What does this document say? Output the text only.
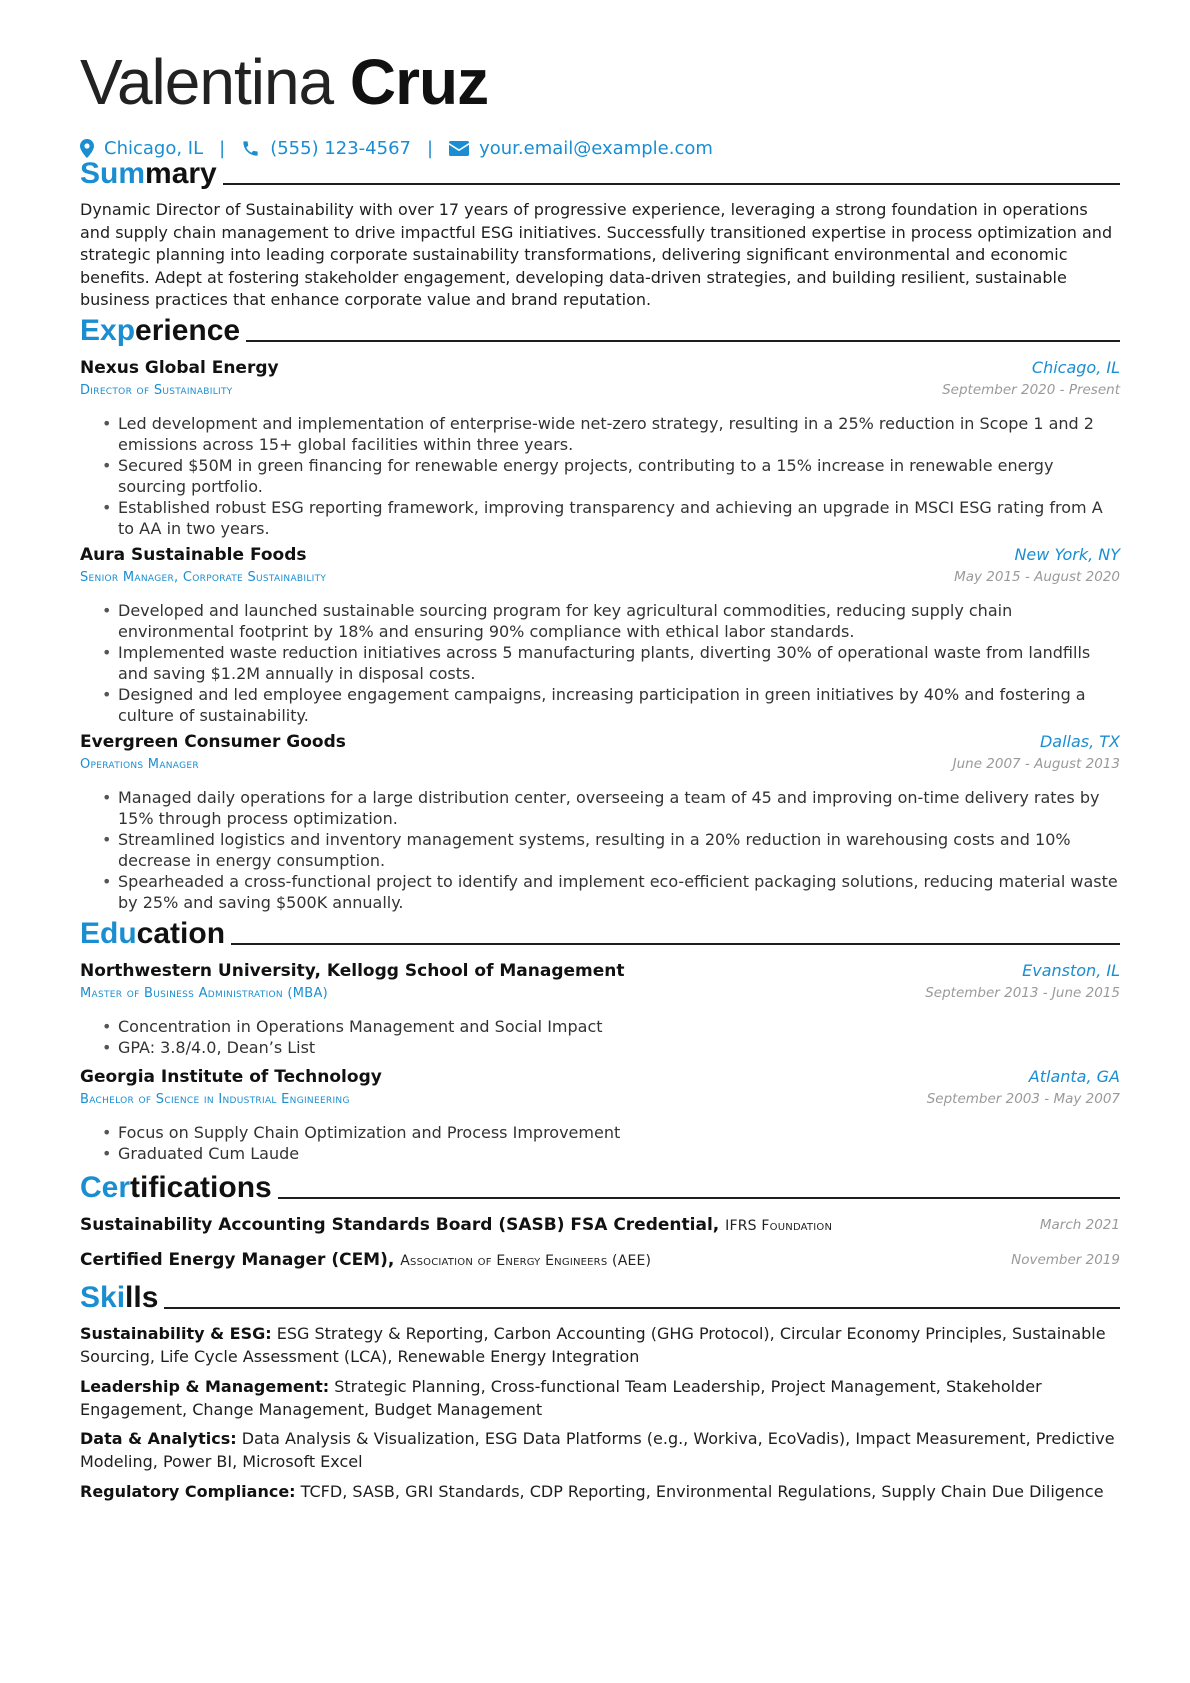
Valentina Cruz
Chicago, IL |	(555) 123-4567 |	your.email@example.com
Summary

Dynamic Director of Sustainability with over 17 years of progressive experience, leveraging a strong foundation in operations and supply chain management to drive impactful ESG initiatives. Successfully transitioned expertise in process optimization and strategic planning into leading corporate sustainability transformations, delivering significant environmental and economic benefits. Adept at fostering stakeholder engagement, developing data-driven strategies, and building resilient, sustainable business practices that enhance corporate value and brand reputation.

Experience
Nexus Global Energy	Chicago, IL
Director of Sustainability	September 2020 - Present
• Led development and implementation of enterprise-wide net-zero strategy, resulting in a 25% reduction in Scope 1 and 2 emissions across 15+ global facilities within three years.
• Secured $50M in green financing for renewable energy projects, contributing to a 15% increase in renewable energy sourcing portfolio.
• Established robust ESG reporting framework, improving transparency and achieving an upgrade in MSCI ESG rating from A to AA in two years.
Aura Sustainable Foods	New York, NY
Senior Manager, Corporate Sustainability	May 2015 - August 2020
• Developed and launched sustainable sourcing program for key agricultural commodities, reducing supply chain environmental footprint by 18% and ensuring 90% compliance with ethical labor standards.
• Implemented waste reduction initiatives across 5 manufacturing plants, diverting 30% of operational waste from landfills and saving $1.2M annually in disposal costs.
• Designed and led employee engagement campaigns, increasing participation in green initiatives by 40% and fostering a culture of sustainability.
Evergreen Consumer Goods	Dallas, TX
Operations Manager	June 2007 - August 2013
• Managed daily operations for a large distribution center, overseeing a team of 45 and improving on-time delivery rates by 15% through process optimization.
• Streamlined logistics and inventory management systems, resulting in a 20% reduction in warehousing costs and 10% decrease in energy consumption.
• Spearheaded a cross-functional project to identify and implement eco-efficient packaging solutions, reducing material waste by 25% and saving $500K annually.
Education
Northwestern University, Kellogg School of Management	Evanston, IL
Master of Business Administration (MBA)	September 2013 - June 2015
• Concentration in Operations Management and Social Impact
• GPA: 3.8/4.0, Dean’s List
Georgia Institute of Technology	Atlanta, GA
Bachelor of Science in Industrial Engineering	September 2003 - May 2007
• Focus on Supply Chain Optimization and Process Improvement
• Graduated Cum Laude
Certifications
Sustainability Accounting Standards Board (SASB) FSA Credential, IFRS Foundation	March 2021
Certified Energy Manager (CEM), Association of Energy Engineers (AEE)	November 2019
Skills

Sustainability & ESG: ESG Strategy & Reporting, Carbon Accounting (GHG Protocol), Circular Economy Principles, Sustainable Sourcing, Life Cycle Assessment (LCA), Renewable Energy Integration

Leadership & Management: Strategic Planning, Cross-functional Team Leadership, Project Management, Stakeholder Engagement, Change Management, Budget Management

Data & Analytics: Data Analysis & Visualization, ESG Data Platforms (e.g., Workiva, EcoVadis), Impact Measurement, Predictive Modeling, Power BI, Microsoft Excel

Regulatory Compliance: TCFD, SASB, GRI Standards, CDP Reporting, Environmental Regulations, Supply Chain Due Diligence
